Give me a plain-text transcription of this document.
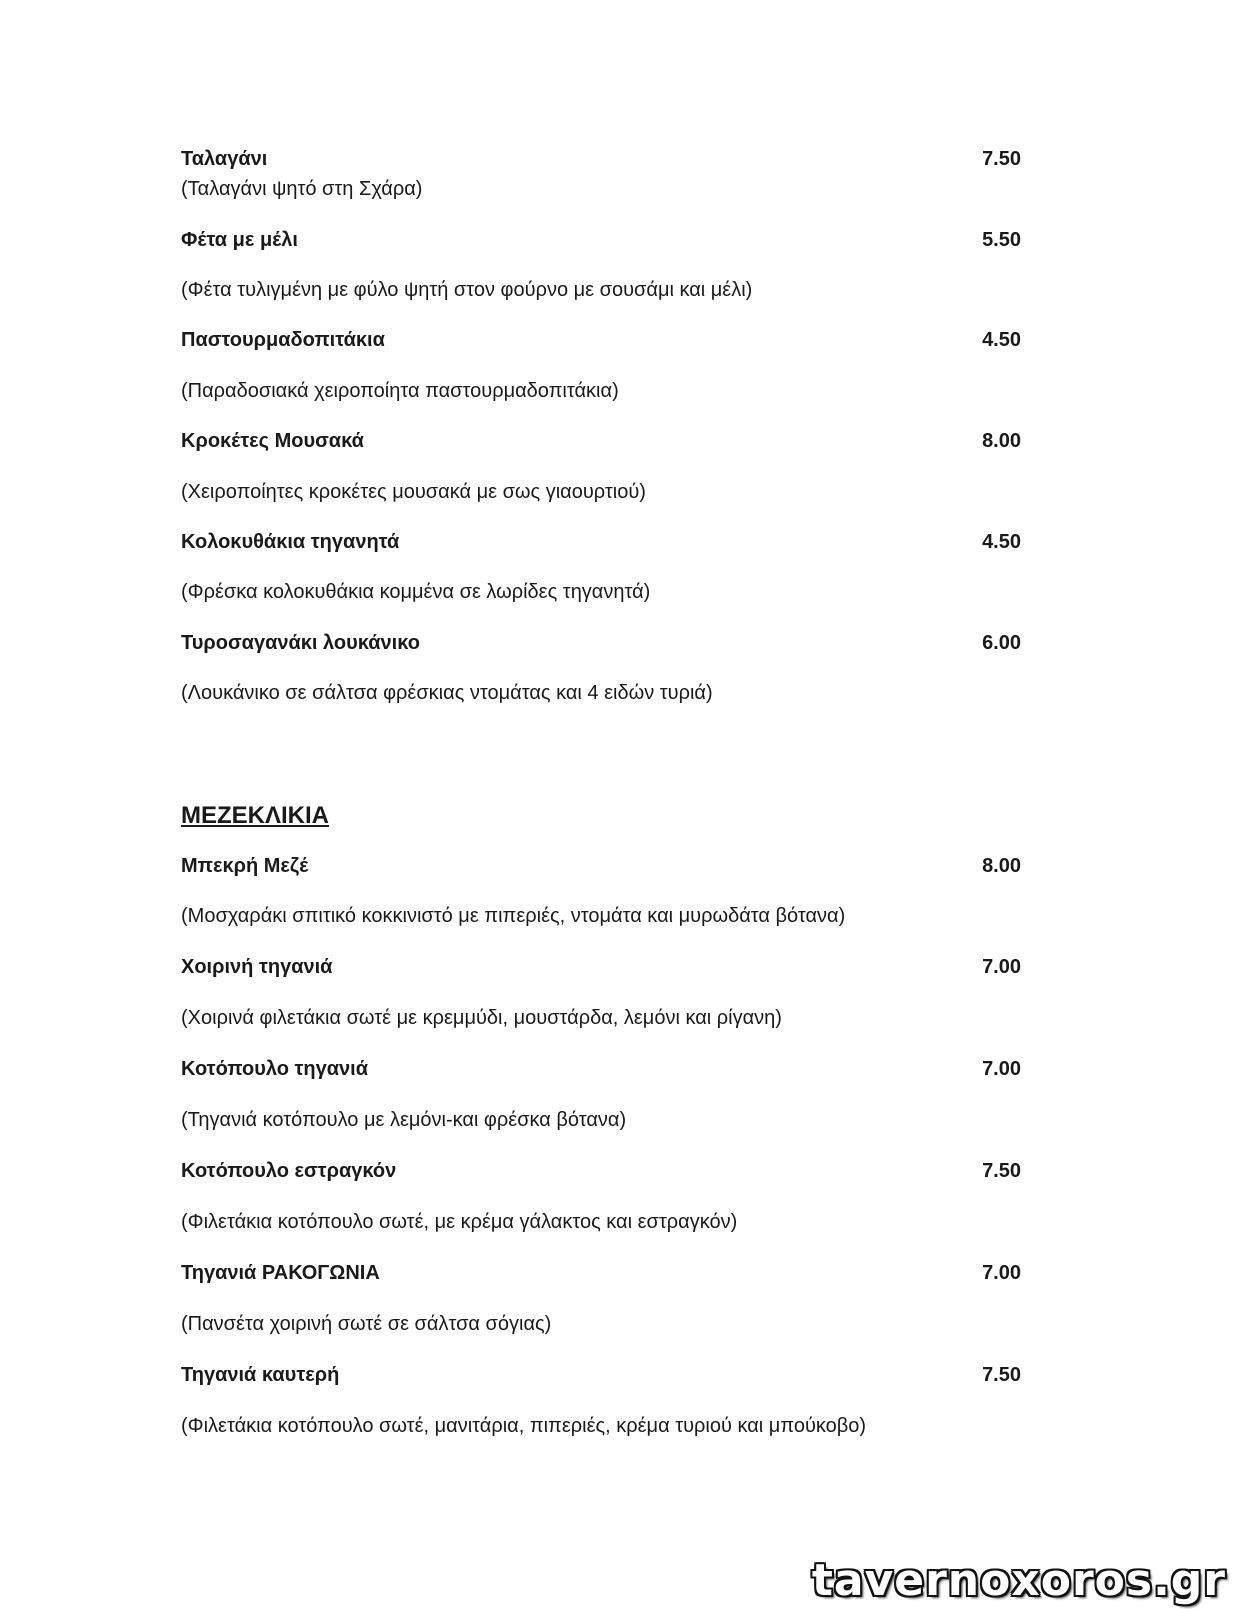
Ταλαγάνι	7.50
(Ταλαγάνι ψητό στη Σχάρα)
Φέτα με μέλι	5.50
(Φέτα τυλιγμένη με φύλο ψητή στον φούρνο με σουσάμι και μέλι)
Παστουρμαδοπιτάκια	4.50
(Παραδοσιακά χειροποίητα παστουρμαδοπιτάκια)
Κροκέτες Μουσακά	8.00
(Χειροποίητες κροκέτες μουσακά με σως γιαουρτιού)
Κολοκυθάκια τηγανητά	4.50
(Φρέσκα κολοκυθάκια κομμένα σε λωρίδες τηγανητά)
Τυροσαγανάκι λουκάνικο	6.00
(Λουκάνικο σε σάλτσα φρέσκιας ντομάτας και 4 ειδών τυριά)
ΜΕΖΕΚΛΙΚΙΑ
Μπεκρή Μεζέ	8.00
(Μοσχαράκι σπιτικό κοκκινιστό με πιπεριές, ντομάτα και μυρωδάτα βότανα)
Χοιρινή τηγανιά	7.00
(Χοιρινά φιλετάκια σωτέ με κρεμμύδι, μουστάρδα, λεμόνι και ρίγανη)
Κοτόπουλο τηγανιά	7.00
(Τηγανιά κοτόπουλο με λεμόνι-και φρέσκα βότανα)
Κοτόπουλο εστραγκόν	7.50
(Φιλετάκια κοτόπουλο σωτέ, με κρέμα γάλακτος και εστραγκόν)
Τηγανιά ΡΑΚΟΓΩΝΙΑ	7.00
(Πανσέτα χοιρινή σωτέ σε σάλτσα σόγιας)
Τηγανιά καυτερή	7.50
(Φιλετάκια κοτόπουλο σωτέ, μανιτάρια, πιπεριές, κρέμα τυριού και μπούκοβο)
tavernoxoros.gr
